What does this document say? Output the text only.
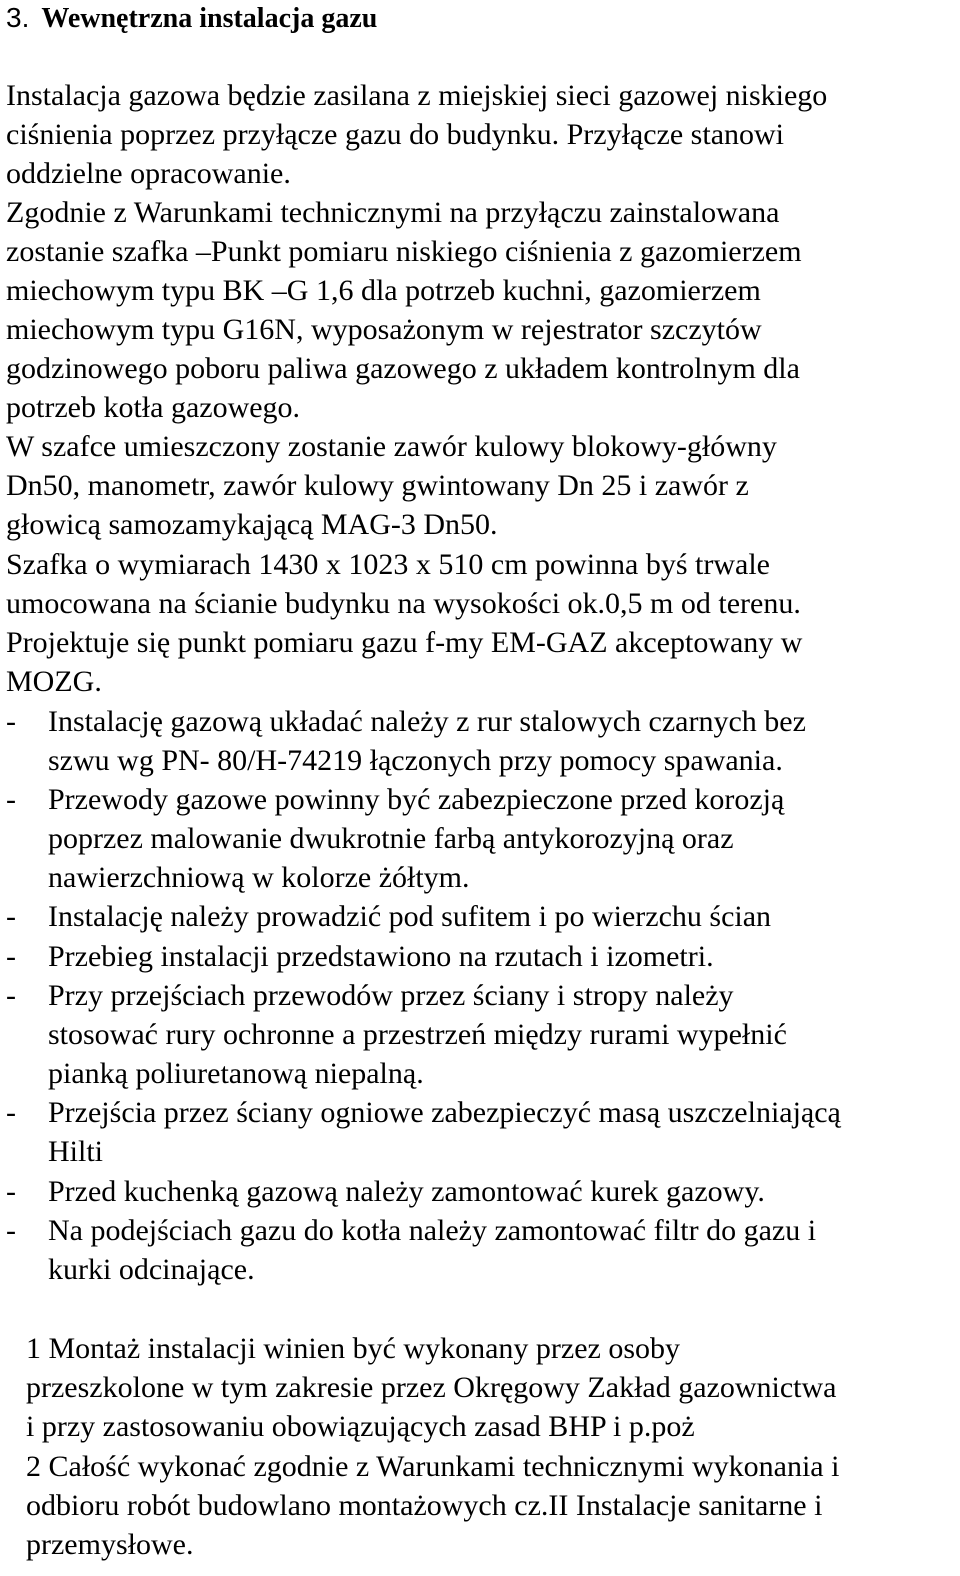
3. Wewnętrzna instalacja gazu
Instalacja gazowa będzie zasilana z miejskiej sieci gazowej niskiego
ciśnienia poprzez przyłącze gazu do budynku. Przyłącze stanowi
oddzielne opracowanie.
Zgodnie z Warunkami technicznymi na przyłączu zainstalowana
zostanie szafka –Punkt pomiaru niskiego ciśnienia z gazomierzem
miechowym typu BK –G 1,6 dla potrzeb kuchni, gazomierzem
miechowym typu G16N, wyposażonym w rejestrator szczytów
godzinowego poboru paliwa gazowego z układem kontrolnym dla
potrzeb kotła gazowego.
W szafce umieszczony zostanie zawór kulowy blokowy-główny
Dn50, manometr, zawór kulowy gwintowany Dn 25 i zawór z
głowicą samozamykającą MAG-3 Dn50.
Szafka o wymiarach 1430 x 1023 x 510 cm powinna byś trwale
umocowana na ścianie budynku na wysokości ok.0,5 m od terenu.
Projektuje się punkt pomiaru gazu f-my EM-GAZ akceptowany w
MOZG.
- Instalację gazową układać należy z rur stalowych czarnych bez
szwu wg PN- 80/H-74219 łączonych przy pomocy spawania.
- Przewody gazowe powinny być zabezpieczone przed korozją
poprzez malowanie dwukrotnie farbą antykorozyjną oraz
nawierzchniową w kolorze żółtym.
- Instalację należy prowadzić pod sufitem i po wierzchu ścian
- Przebieg instalacji przedstawiono na rzutach i izometri.
- Przy przejściach przewodów przez ściany i stropy należy
stosować rury ochronne a przestrzeń między rurami wypełnić
pianką poliuretanową niepalną.
- Przejścia przez ściany ogniowe zabezpieczyć masą uszczelniającą
Hilti
- Przed kuchenką gazową należy zamontować kurek gazowy.
- Na podejściach gazu do kotła należy zamontować filtr do gazu i
kurki odcinające.
1 Montaż instalacji winien być wykonany przez osoby
przeszkolone w tym zakresie przez Okręgowy Zakład gazownictwa
i przy zastosowaniu obowiązujących zasad BHP i p.poż
2 Całość wykonać zgodnie z Warunkami technicznymi wykonania i
odbioru robót budowlano montażowych cz.II Instalacje sanitarne i
przemysłowe.
